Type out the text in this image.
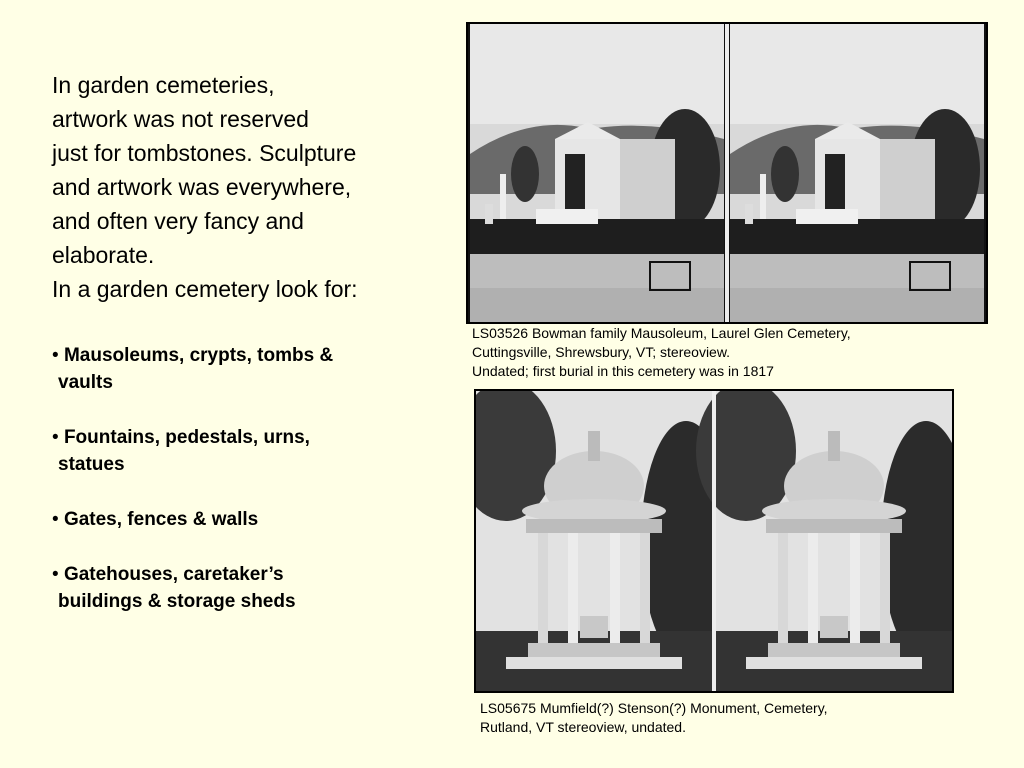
In garden cemeteries,

artwork was not reserved

just for tombstones. Sculpture

and artwork was everywhere,

and often very fancy and

elaborate.

In a garden cemetery look for:

• Mausoleums, crypts, tombs &
vaults
• Fountains, pedestals, urns,
statues
• Gates, fences & walls
• Gatehouses, caretaker’s
buildings & storage sheds

LS03526 Bowman family Mausoleum, Laurel Glen Cemetery,

Cuttingsville, Shrewsbury, VT; stereoview.

Undated; first burial in this cemetery was in 1817

LS05675 Mumfield(?) Stenson(?) Monument, Cemetery,

Rutland, VT stereoview, undated.
